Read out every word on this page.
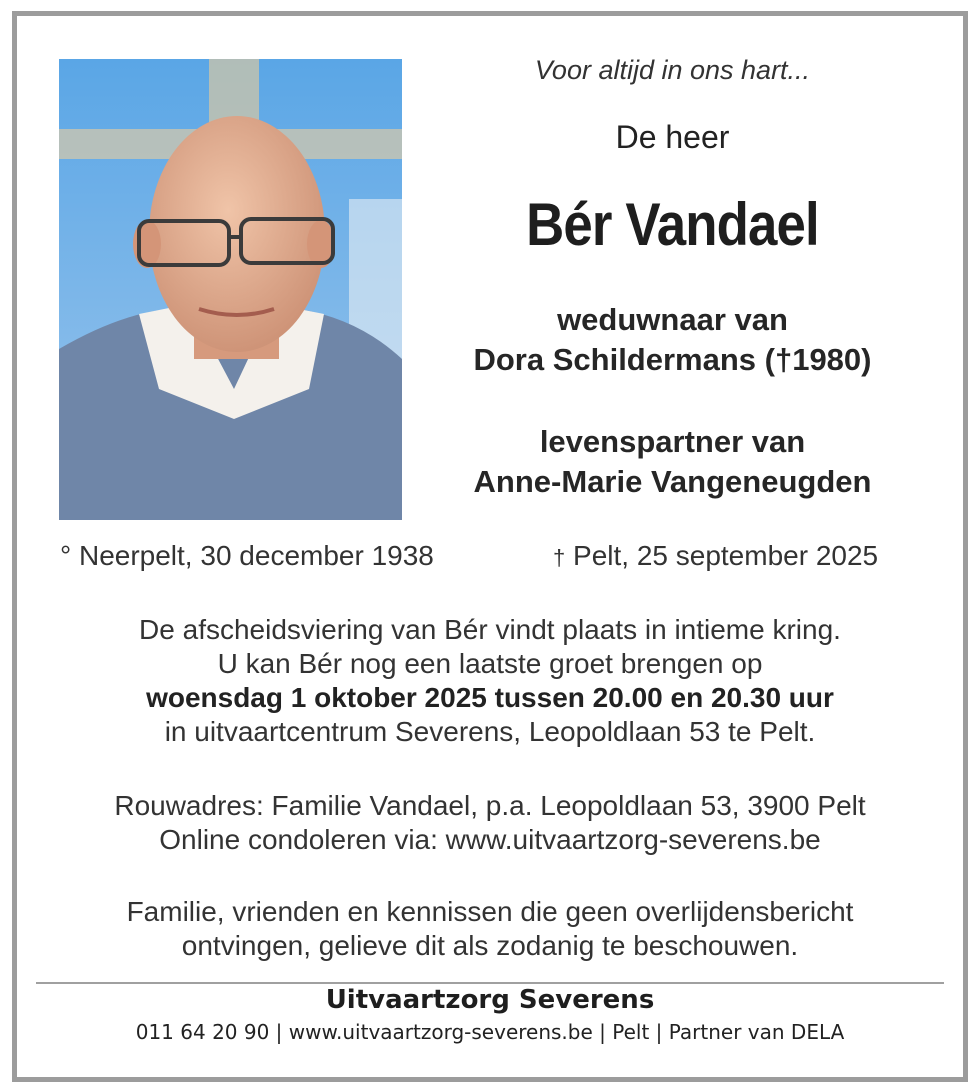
Voor altijd in ons hart...
De heer
Bér Vandael
weduwnaar van
Dora Schildermans (†1980)
levenspartner van
Anne-Marie Vangeneugden
° Neerpelt, 30 december 1938	† Pelt, 25 september 2025
De afscheidsviering van Bér vindt plaats in intieme kring.
U kan Bér nog een laatste groet brengen op
woensdag 1 oktober 2025 tussen 20.00 en 20.30 uur
in uitvaartcentrum Severens, Leopoldlaan 53 te Pelt.
Rouwadres: Familie Vandael, p.a. Leopoldlaan 53, 3900 Pelt
Online condoleren via: www.uitvaartzorg-severens.be
Familie, vrienden en kennissen die geen overlijdensbericht
ontvingen, gelieve dit als zodanig te beschouwen.
Uitvaartzorg Severens
011 64 20 90 | www.uitvaartzorg-severens.be | Pelt | Partner van DELA
